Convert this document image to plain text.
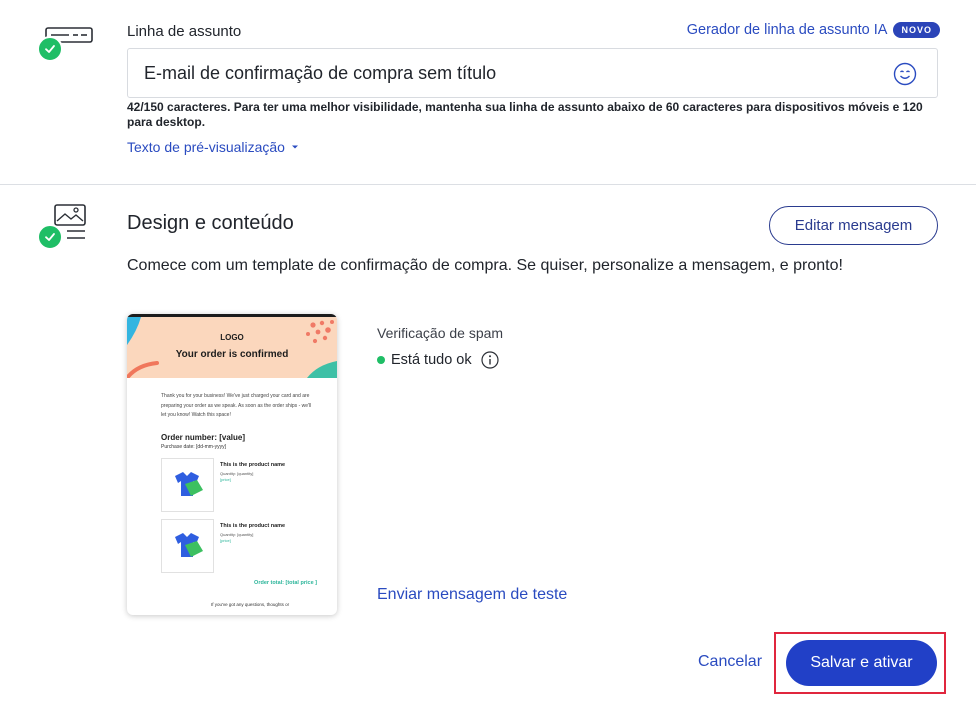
Linha de assunto	Gerador de linha de assunto IA	NOVO
E-mail de confirmação de compra sem título
42/150 caracteres. Para ter uma melhor visibilidade, mantenha sua linha de assunto abaixo de 60 caracteres para dispositivos móveis e 120 para desktop.
Texto de pré-visualização
Design e conteúdo	Editar mensagem
Comece com um template de confirmação de compra. Se quiser, personalize a mensagem, e pronto!
LOGO
Your order is confirmed
Thank you for your business! We've just charged your card and are preparing your order as we speak. As soon as the order ships - we'll let you know! Watch this space!
Order number: [value]
Purchase date: [dd-mm-yyyy]
This is the product name
Quantity: [quantity]
[price]
This is the product name
Quantity: [quantity]
[price]
Order total: [total price ]
If you've got any questions, thoughts or
Verificação de spam
Está tudo ok
Enviar mensagem de teste
Cancelar	Salvar e ativar
